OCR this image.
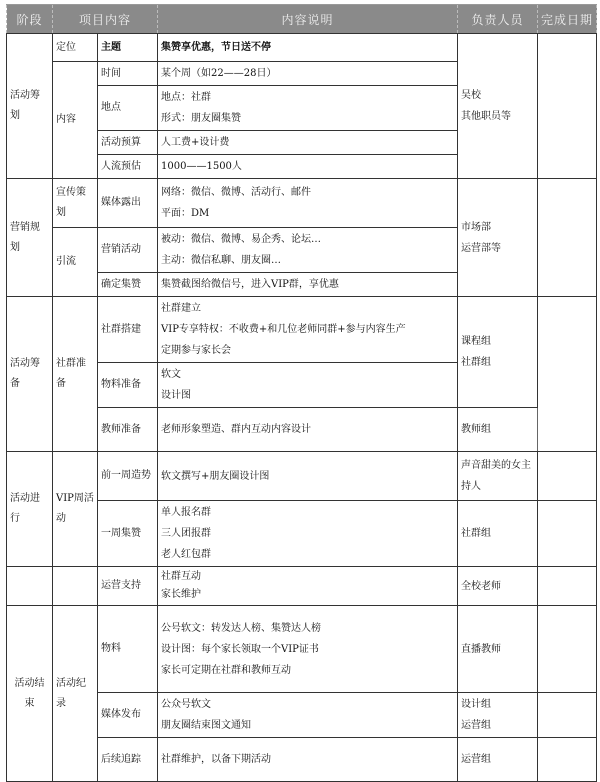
阶段	项目内容		内容说明	负责人员	完成日期
活动筹划	定位	主题	集赞享优惠，节日送不停	吴校
其他职员等	

	内容	时间	某个周（如22——28日）		

		地点	地点：社群
形式：朋友圈集赞		

		活动预算	人工费+设计费		

		人流预估	1000——1500人		

营销规划	宣传策划	媒体露出	网络：微信、微博、活动行、邮件
平面：DM	市场部
运营部等	

	引流	营销活动	被动：微信、微博、易企秀、论坛…
主动：微信私聊、朋友圈…		

		确定集赞	集赞截图给微信号，进入VIP群，享优惠		

活动筹备	社群准备	社群搭建	社群建立
VIP专享特权：不收费+和几位老师同群+参与内容生产
定期参与家长会	课程组
社群组	

		物料准备	软文
设计图		

		教师准备	老师形象塑造、群内互动内容设计	教师组	

活动进行	VIP周活动	前一周造势	软文撰写+朋友圈设计图	声音甜美的女主持人	

		一周集赞	单人报名群
三人团报群
老人红包群	社群组	

		运营支持	社群互动
家长维护	全校老师	

活动结束	活动纪录	物料	公号软文：转发达人榜、集赞达人榜
设计图：每个家长领取一个VIP证书
家长可定期在社群和教师互动	直播教师	

		媒体发布	公众号软文
朋友圈结束图文通知	设计组
运营组	

		后续追踪	社群维护，以备下期活动	运营组	
